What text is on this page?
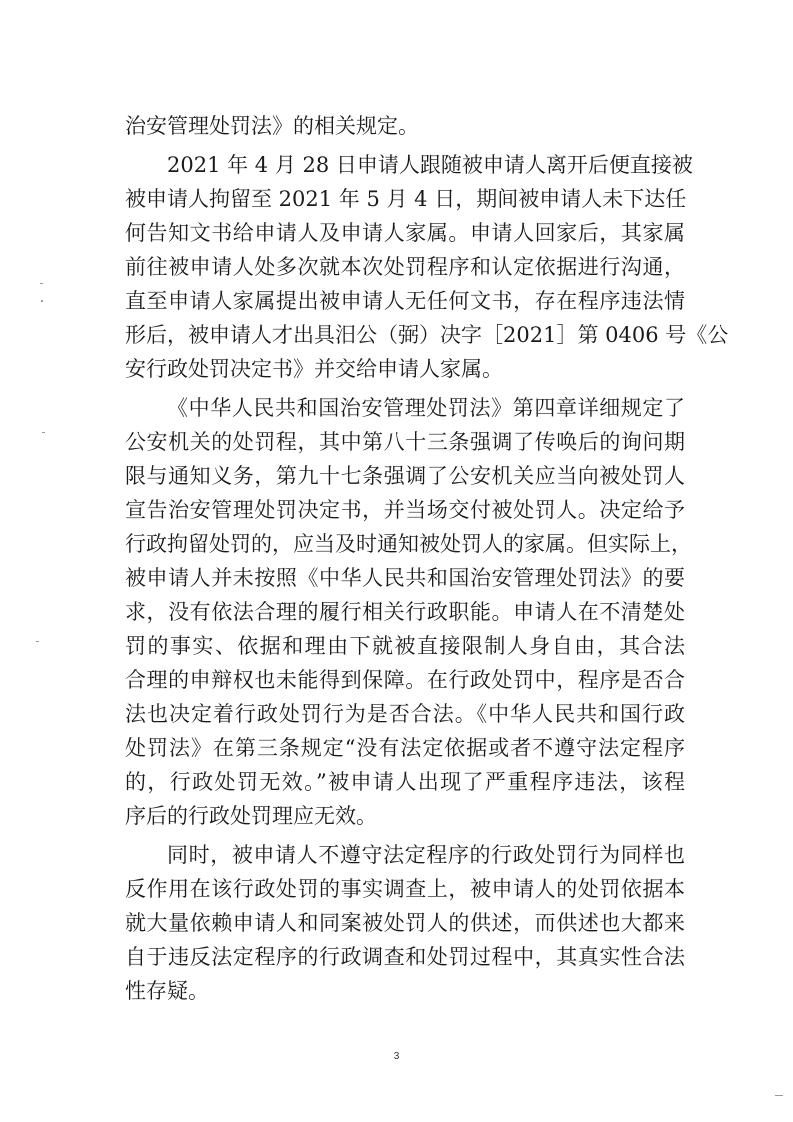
治安管理处罚法》的相关规定。
2021 年 4 月 28 日申请人跟随被申请人离开后便直接被
被申请人拘留至 2021 年 5 月 4 日，期间被申请人未下达任
何告知文书给申请人及申请人家属。申请人回家后，其家属
前往被申请人处多次就本次处罚程序和认定依据进行沟通，
直至申请人家属提出被申请人无任何文书，存在程序违法情
形后，被申请人才出具汨公（弼）决字［2021］第 0406 号《公
安行政处罚决定书》并交给申请人家属。
《中华人民共和国治安管理处罚法》第四章详细规定了
公安机关的处罚程，其中第八十三条强调了传唤后的询问期
限与通知义务，第九十七条强调了公安机关应当向被处罚人
宣告治安管理处罚决定书，并当场交付被处罚人。决定给予
行政拘留处罚的，应当及时通知被处罚人的家属。但实际上，
被申请人并未按照《中华人民共和国治安管理处罚法》的要
求，没有依法合理的履行相关行政职能。申请人在不清楚处
罚的事实、依据和理由下就被直接限制人身自由，其合法
合理的申辩权也未能得到保障。在行政处罚中，程序是否合
法也决定着行政处罚行为是否合法。《中华人民共和国行政
处罚法》在第三条规定“没有法定依据或者不遵守法定程序
的，行政处罚无效。”被申请人出现了严重程序违法，该程
序后的行政处罚理应无效。
同时，被申请人不遵守法定程序的行政处罚行为同样也
反作用在该行政处罚的事实调查上，被申请人的处罚依据本
就大量依赖申请人和同案被处罚人的供述，而供述也大都来
自于违反法定程序的行政调查和处罚过程中，其真实性合法
性存疑。
3
